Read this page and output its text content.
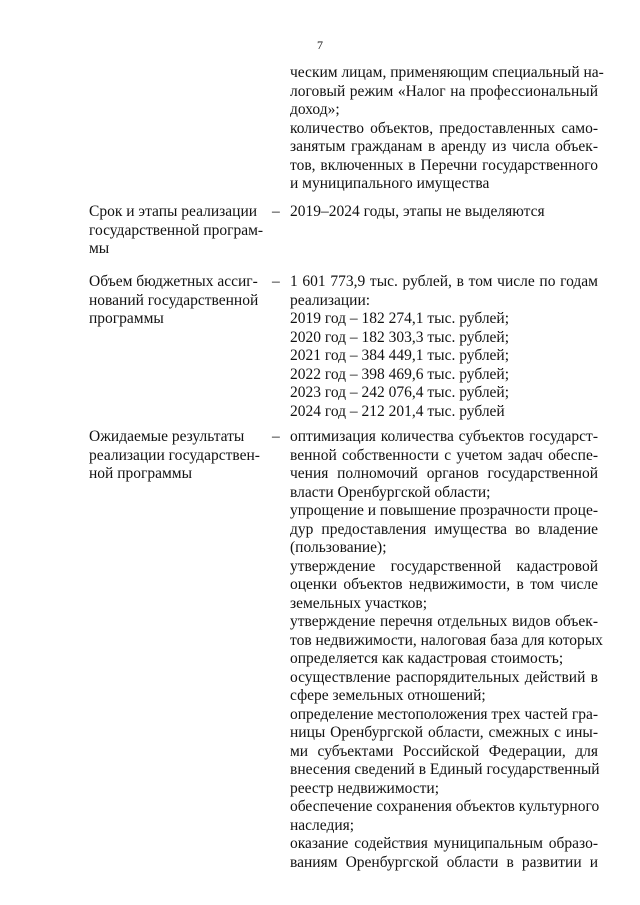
7
ческим лицам, применяющим специальный на-
логовый режим «Налог на профессиональный
доход»;
количество объектов, предоставленных само-
занятым гражданам в аренду из числа объек-
тов, включенных в Перечни государственного
и муниципального имущества
Срок и этапы реализации
государственной програм-
мы
– 2019–2024 годы, этапы не выделяются
Объем бюджетных ассиг-
нований государственной
программы
– 1 601 773,9 тыс. рублей, в том числе по годам
реализации:
2019 год – 182 274,1 тыс. рублей;
2020 год – 182 303,3 тыс. рублей;
2021 год – 384 449,1 тыс. рублей;
2022 год – 398 469,6 тыс. рублей;
2023 год – 242 076,4 тыс. рублей;
2024 год – 212 201,4 тыс. рублей
Ожидаемые результаты
реализации государствен-
ной программы
– оптимизация количества субъектов государст-
венной собственности с учетом задач обеспе-
чения полномочий органов государственной
власти Оренбургской области;
упрощение и повышение прозрачности проце-
дур предоставления имущества во владение
(пользование);
утверждение государственной кадастровой
оценки объектов недвижимости, в том числе
земельных участков;
утверждение перечня отдельных видов объек-
тов недвижимости, налоговая база для которых
определяется как кадастровая стоимость;
осуществление распорядительных действий в
сфере земельных отношений;
определение местоположения трех частей гра-
ницы Оренбургской области, смежных с ины-
ми субъектами Российской Федерации, для
внесения сведений в Единый государственный
реестр недвижимости;
обеспечение сохранения объектов культурного
наследия;
оказание содействия муниципальным образо-
ваниям Оренбургской области в развитии и
